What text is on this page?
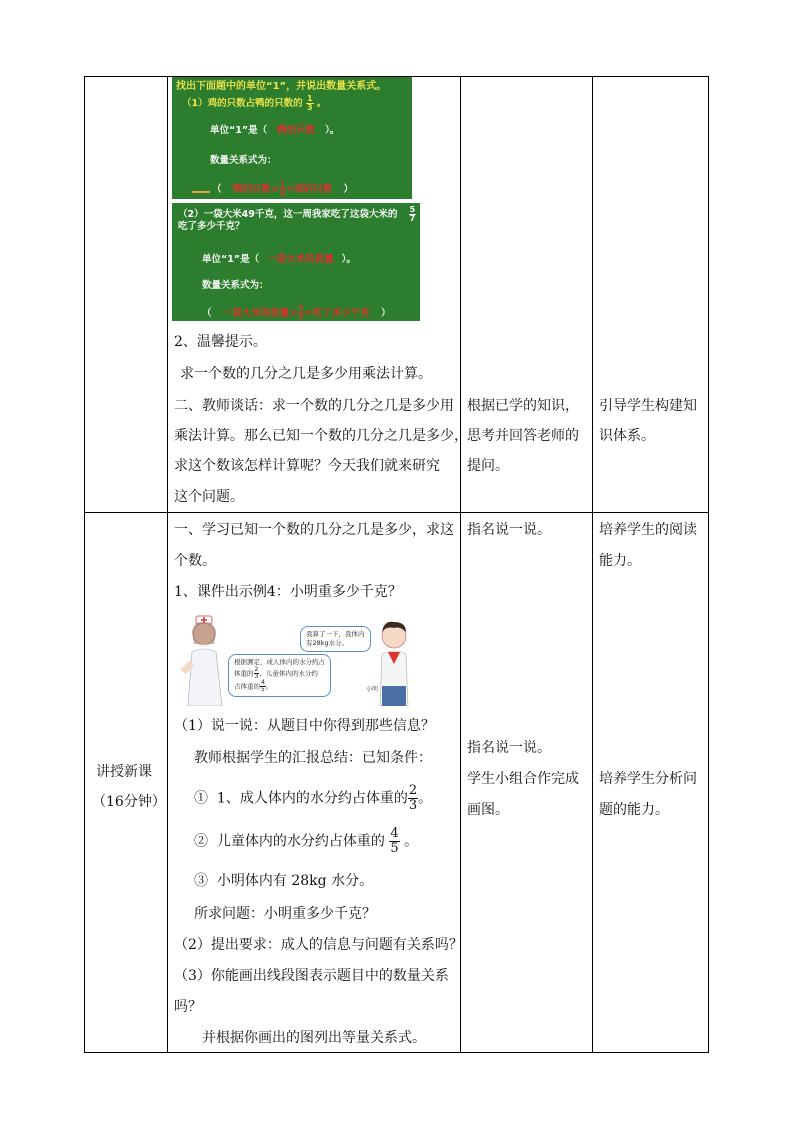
找出下面题中的单位“1”，并说出数量关系式。
（1）鸡的只数占鸭的只数的 $\frac{1}{3}$ 。
单位“1”是（ 鸭的只数 ）。
数量关系式为：
（ 鸭的只数× $\frac{1}{3}$ =鸡的只数 ）
（2）一袋大米49千克，这一周我家吃了这袋大米的 $\frac{5}{7}$
吃了多少千克？
单位“1”是（ 一袋大米的质量 ）。
数量关系式为：
（ 一袋大米的质量× $\frac{5}{7}$ =吃了多少千克 ）
2、温馨提示。
求一个数的几分之几是多少用乘法计算。
二、教师谈话：求一个数的几分之几是多少用
乘法计算。那么已知一个数的几分之几是多少，
求这个数该怎样计算呢？今天我们就来研究
这个问题。
根据已学的知识，
思考并回答老师的
提问。
引导学生构建知
识体系。
讲授新课
（16分钟）
一、学习已知一个数的几分之几是多少，求这
个数。
1、课件出示例4：小明重多少千克？
我算了一下，我体内
有28kg水分。
根据测定，成人体内的水分约占
体重的 $\frac{2}{3}$ ，儿童体内的水分约
占体重的 $\frac{4}{5}$ 。	小明
（1）说一说：从题目中你得到那些信息？
教师根据学生的汇报总结：已知条件：
① 1、成人体内的水分约占体重的 $\frac{2}{3}$ 。
② 儿童体内的水分约占体重的 $\frac{4}{5}$ 。
③ 小明体内有 28kg 水分。
所求问题：小明重多少千克？
（2）提出要求：成人的信息与问题有关系吗？
（3）你能画出线段图表示题目中的数量关系
吗？
并根据你画出的图列出等量关系式。
指名说一说。
指名说一说。
学生小组合作完成
画图。
培养学生的阅读
能力。
培养学生分析问
题的能力。
